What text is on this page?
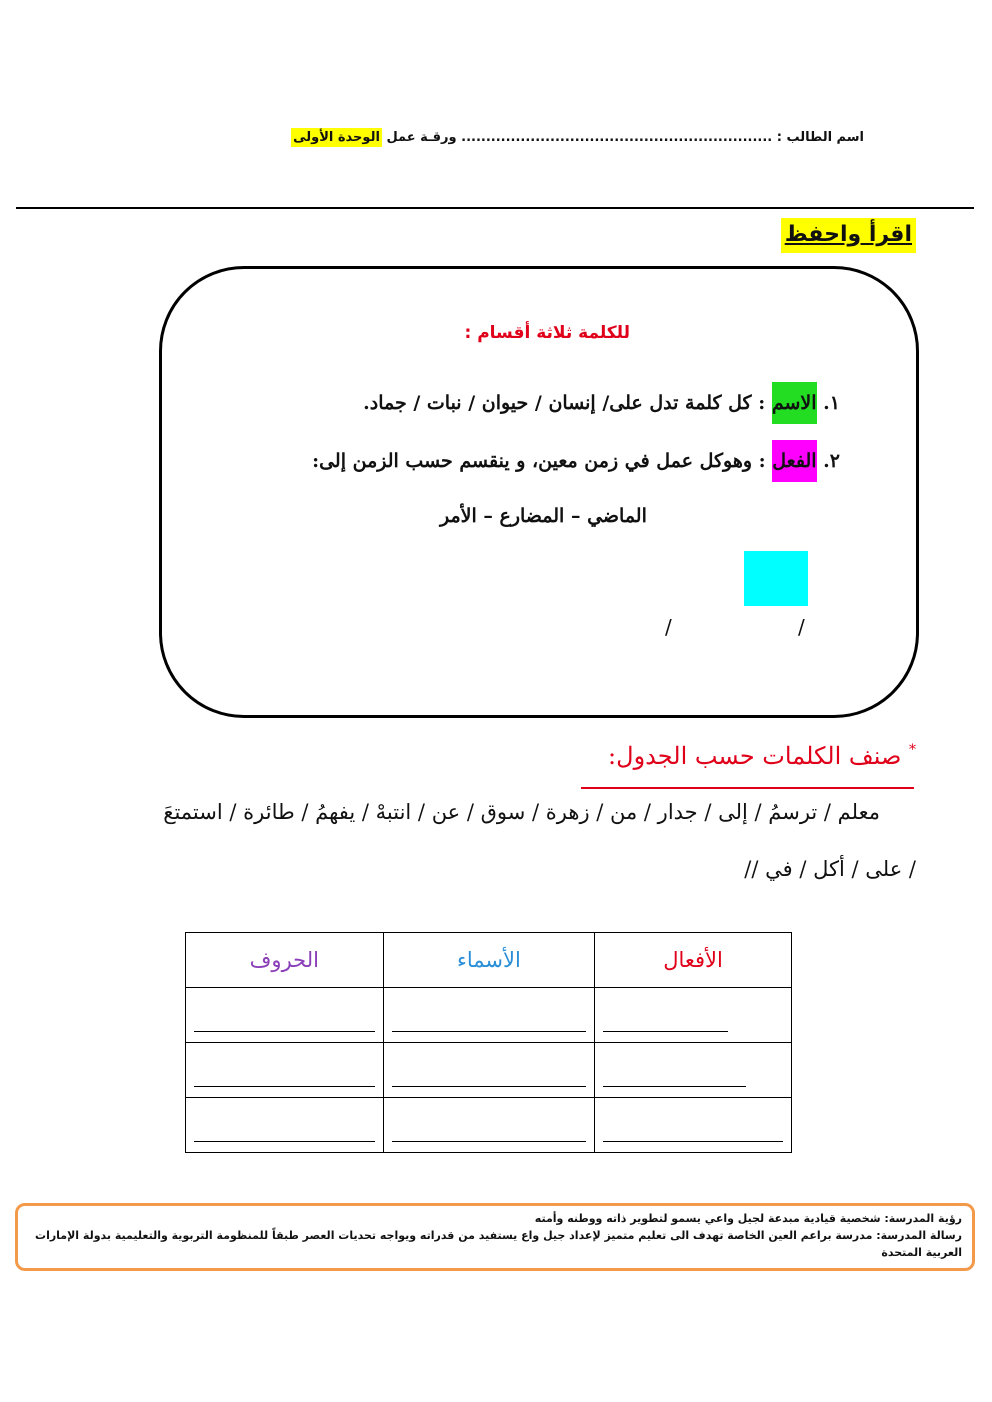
اسم الطالب : ............................................................... ورقـة عمل الوحدة الأولى
اقرأ واحفظ
للكلمة ثلاثة أقسام :
١. الاسم : كل كلمة تدل على/ إنسان / حيوان / نبات / جماد.
٢. الفعل : وهوكل عمل في زمن معين، و ينقسم حسب الزمن إلى:
الماضي – المضارع – الأمر
/
/
* صنف الكلمات حسب الجدول:
معلم / ترسمُ / إلى / جدار / من / زهرة / سوق / عن / انتبهْ / يفهمُ / طائرة / استمتعَ
/ على / أكل / في //
الأفعال	الأسماء	الحروف

رؤية المدرسة: شخصية قيادية مبدعة لجيل واعي يسمو لتطوير ذاته ووطنه وأمته
رسالة المدرسة: مدرسة براعم العين الخاصة تهدف الى تعليم متميز لإعداد جيل واع يستفيد من قدراته ويواجه تحديات العصر طبقاً للمنظومة التربوية والتعليمية بدولة الإمارات العربية المتحدة
